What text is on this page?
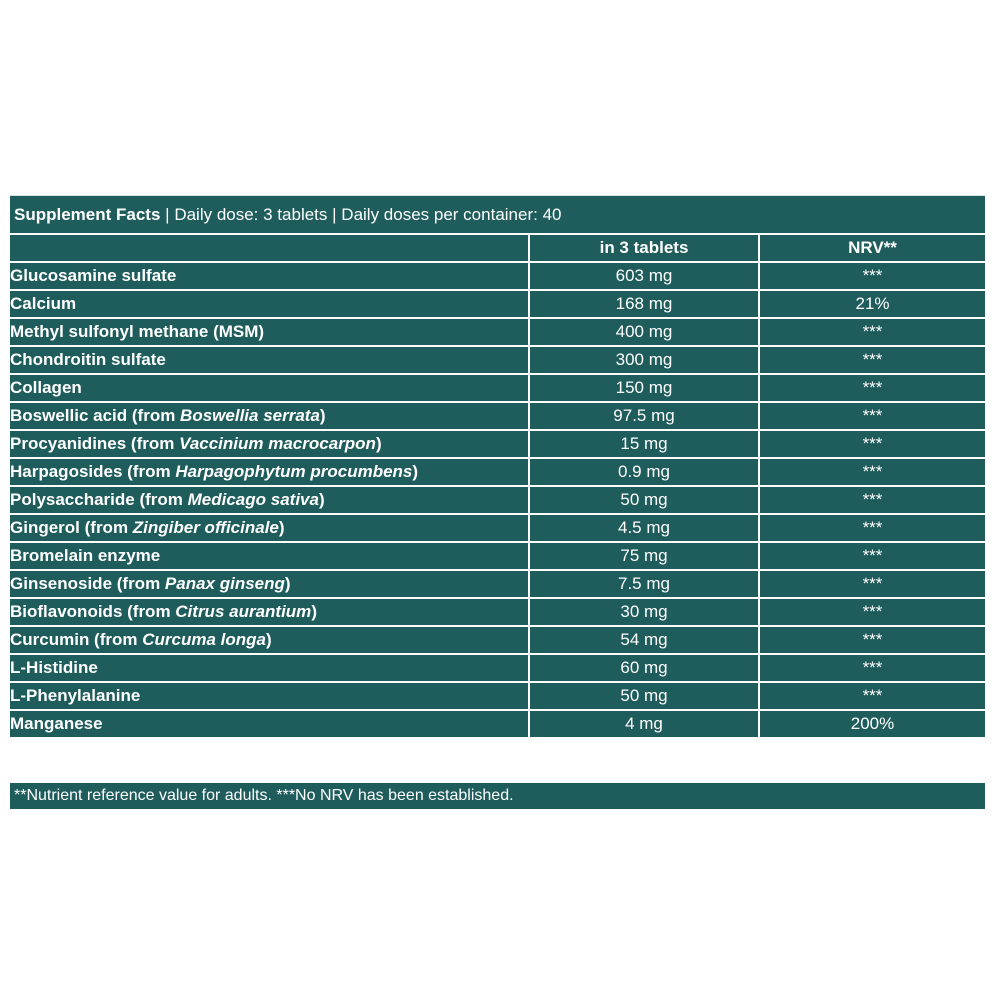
Supplement Facts | Daily dose: 3 tablets | Daily doses per container: 40
	in 3 tablets	NRV**
Glucosamine sulfate	603 mg	***
Calcium	168 mg	21%
Methyl sulfonyl methane (MSM)	400 mg	***
Chondroitin sulfate	300 mg	***
Collagen	150 mg	***
Boswellic acid (from Boswellia serrata)	97.5 mg	***
Procyanidines (from Vaccinium macrocarpon)	15 mg	***
Harpagosides (from Harpagophytum procumbens)	0.9 mg	***
Polysaccharide (from Medicago sativa)	50 mg	***
Gingerol (from Zingiber officinale)	4.5 mg	***
Bromelain enzyme	75 mg	***
Ginsenoside (from Panax ginseng)	7.5 mg	***
Bioflavonoids (from Citrus aurantium)	30 mg	***
Curcumin (from Curcuma longa)	54 mg	***
L-Histidine	60 mg	***
L-Phenylalanine	50 mg	***
Manganese	4 mg	200%
**Nutrient reference value for adults. ***No NRV has been established.
